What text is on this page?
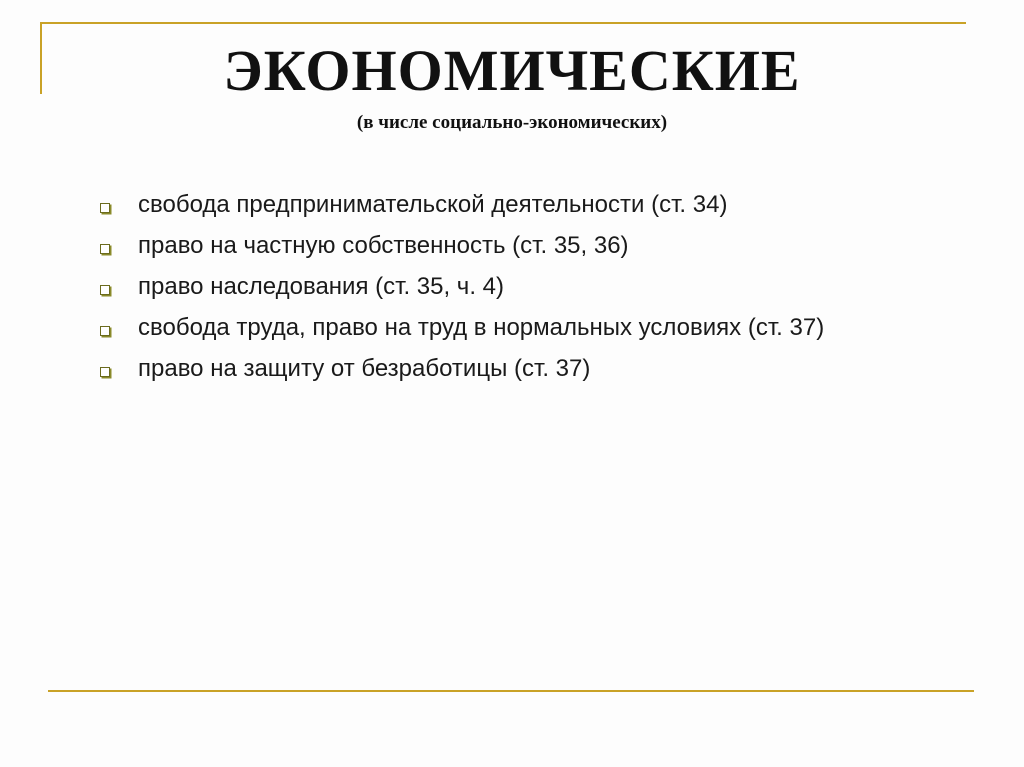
ЭКОНОМИЧЕСКИЕ
(в числе социально-экономических)
свобода предпринимательской деятельности (ст. 34)
право на частную собственность (ст. 35, 36)
право наследования (ст. 35, ч. 4)
свобода труда, право на труд в нормальных условиях (ст. 37)
право на защиту от безработицы (ст. 37)
